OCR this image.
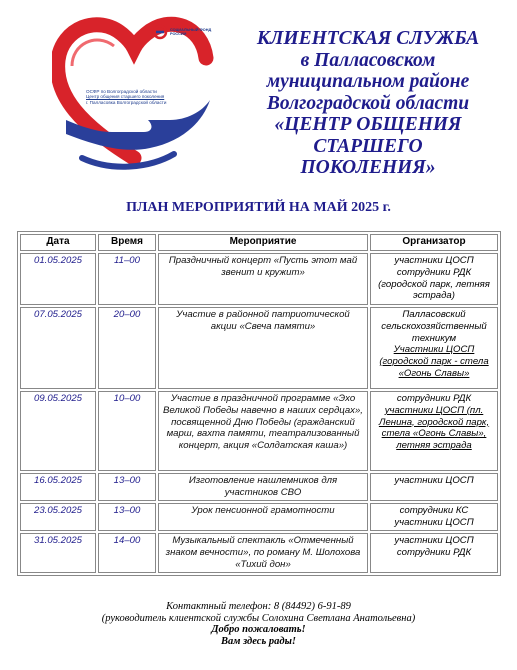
СОЦИАЛЬНЫЙ ФОНД РОССИИ
ОСФР по Волгоградской области
Центр общения старшего поколения
г. Палласовка Волгоградской области
КЛИЕНТСКАЯ СЛУЖБА
в Палласовском
муниципальном районе
Волгоградской области
«ЦЕНТР ОБЩЕНИЯ
СТАРШЕГО
ПОКОЛЕНИЯ»
ПЛАН МЕРОПРИЯТИЙ НА МАЙ 2025 г.
Дата	Время	Мероприятие	Организатор
01.05.2025	11–00	Праздничный концерт «Пусть этот май звенит и кружит»	участники ЦОСП
сотрудники РДК
(городской парк, летняя эстрада)

07.05.2025	20–00	Участие в районной патриотической акции «Свеча памяти»	Палласовский сельскохозяйственный техникум
Участники ЦОСП
(городской парк - стела «Огонь Славы»

09.05.2025	10–00	Участие в праздничной программе «Эхо Великой Победы навечно в наших сердцах», посвященной Дню Победы (гражданский марш, вахта памяти, театрализованный концерт, акция «Солдатская каша»)	сотрудники РДК
участники ЦОСП (пл. Ленина, городской парк, стела «Огонь Славы»,
летняя эстрада

16.05.2025	13–00	Изготовление нашлемников для участников СВО	участники ЦОСП

23.05.2025	13–00	Урок пенсионной грамотности	сотрудники КС
участники ЦОСП

31.05.2025	14–00	Музыкальный спектакль «Отмеченный знаком вечности», по роману М. Шолохова «Тихий дон»	участники ЦОСП
сотрудники РДК
Контактный телефон: 8 (84492) 6-91-89
(руководитель клиентской службы Солохина Светлана Анатольевна)
Добро пожаловать!
Вам здесь рады!
